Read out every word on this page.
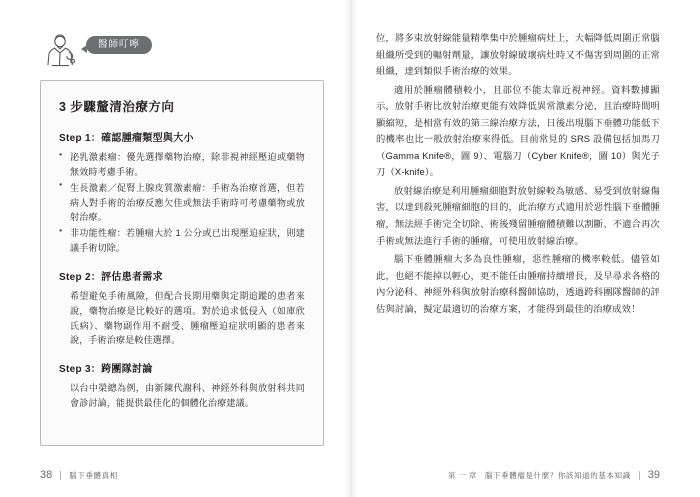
醫師叮嚀
3 步驟釐清治療方向

Step 1：確認腫瘤類型與大小

● 泌乳激素瘤：優先選擇藥物治療，除非視神經壓迫或藥物無效時考慮手術。
● 生長激素／促腎上腺皮質激素瘤：手術為治療首選，但若病人對手術的治療反應欠佳或無法手術時可考慮藥物或放射治療。
● 非功能性瘤：若腫瘤大於 1 公分或已出現壓迫症狀，則建議手術切除。

Step 2：評估患者需求

希望避免手術風險，但配合長期用藥與定期追蹤的患者來說，藥物治療是比較好的選項。對於追求低侵入（如庫欣氏病）、藥物副作用不耐受、腫瘤壓迫症狀明顯的患者來說，手術治療是較佳選擇。

Step 3：跨團隊討論

以台中榮總為例，由新陳代謝科、神經外科與放射科共同會診討論，能提供最佳化的個體化治療建議。

38 腦下垂體真相

位，將多束放射線能量精準集中於腫瘤病灶上，大幅降低周圍正常腦組織所受到的輻射劑量，讓放射線破壞病灶時又不傷害到周圍的正常組織，達到類似手術治療的效果。

適用於腫瘤體積較小，且部位不能太靠近視神經。資料數據顯示，放射手術比放射治療更能有效降低異常激素分泌，且治療時間明顯縮短，是相當有效的第三線治療方法，日後出現腦下垂體功能低下的機率也比一般放射治療來得低。目前常見的 SRS 設備包括加馬刀（Gamma Knife®，圖 9）、電腦刀（Cyber Knife®，圖 10）與光子刀（X-knife）。

放射線治療是利用腫瘤細胞對放射線較為敏感、易受到放射線傷害，以達到殺死腫瘤細胞的目的，此治療方式適用於惡性腦下垂體腫瘤，無法經手術完全切除、術後殘留腫瘤體積難以割斷、不適合再次手術或無法進行手術的腫瘤，可使用放射線治療。

腦下垂體腫瘤大多為良性腫瘤，惡性腫瘤的機率較低。儘管如此，也絕不能掉以輕心，更不能任由腫瘤持續增長，及早尋求各格的內分泌科、神經外科與放射治療科醫師協助，透過跨科團隊醫師的評估與討論，擬定最適切的治療方案，才能得到最佳的治療成效！

第 一 章 腦下垂體瘤是什麼？你該知道的基本知識 39
